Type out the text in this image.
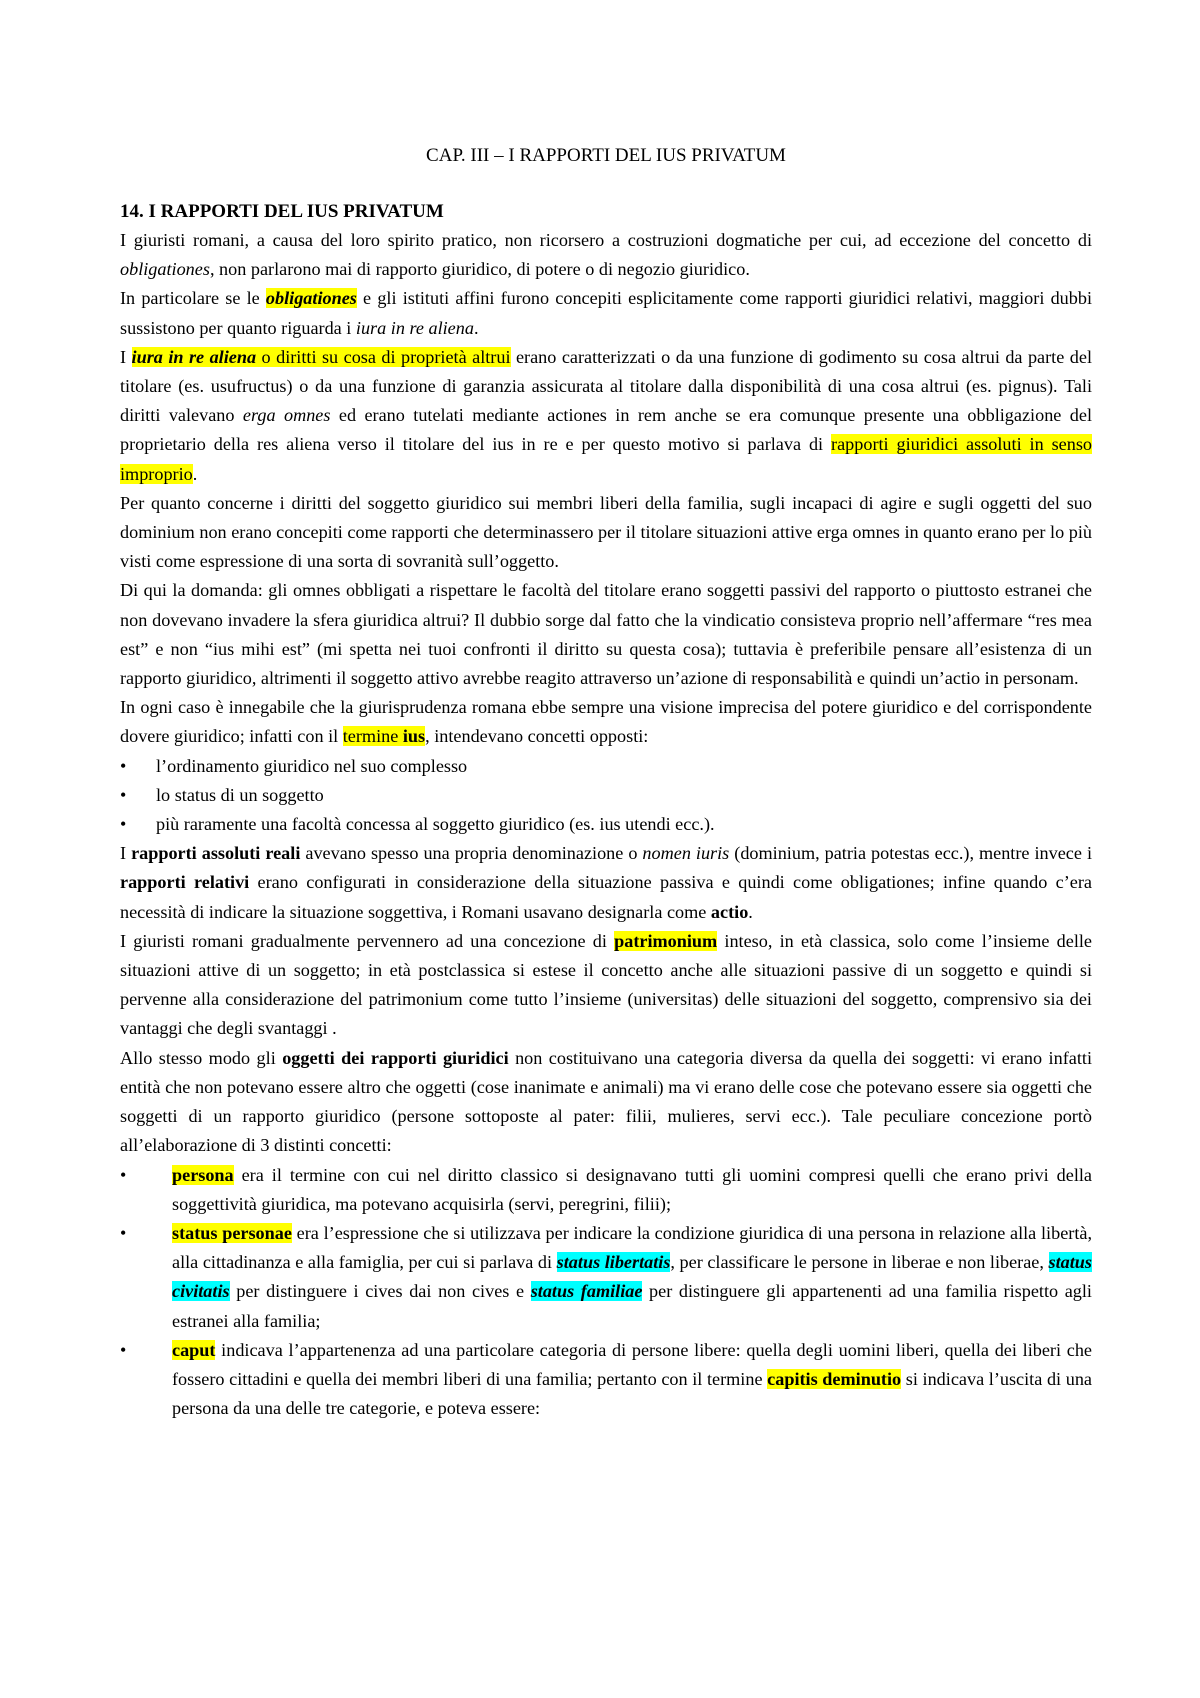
CAP. III – I RAPPORTI DEL IUS PRIVATUM
14. I RAPPORTI DEL IUS PRIVATUM

I giuristi romani, a causa del loro spirito pratico, non ricorsero a costruzioni dogmatiche per cui, ad eccezione del concetto di obligationes, non parlarono mai di rapporto giuridico, di potere o di negozio giuridico.

In particolare se le obligationes e gli istituti affini furono concepiti esplicitamente come rapporti giuridici relativi, maggiori dubbi sussistono per quanto riguarda i iura in re aliena.

I iura in re aliena o diritti su cosa di proprietà altrui erano caratterizzati o da una funzione di godimento su cosa altrui da parte del titolare (es. usufructus) o da una funzione di garanzia assicurata al titolare dalla disponibilità di una cosa altrui (es. pignus). Tali diritti valevano erga omnes ed erano tutelati mediante actiones in rem anche se era comunque presente una obbligazione del proprietario della res aliena verso il titolare del ius in re e per questo motivo si parlava di rapporti giuridici assoluti in senso improprio.

Per quanto concerne i diritti del soggetto giuridico sui membri liberi della familia, sugli incapaci di agire e sugli oggetti del suo dominium non erano concepiti come rapporti che determinassero per il titolare situazioni attive erga omnes in quanto erano per lo più visti come espressione di una sorta di sovranità sull’oggetto.

Di qui la domanda: gli omnes obbligati a rispettare le facoltà del titolare erano soggetti passivi del rapporto o piuttosto estranei che non dovevano invadere la sfera giuridica altrui? Il dubbio sorge dal fatto che la vindicatio consisteva proprio nell’affermare “res mea est” e non “ius mihi est” (mi spetta nei tuoi confronti il diritto su questa cosa); tuttavia è preferibile pensare all’esistenza di un rapporto giuridico, altrimenti il soggetto attivo avrebbe reagito attraverso un’azione di responsabilità e quindi un’actio in personam.

In ogni caso è innegabile che la giurisprudenza romana ebbe sempre una visione imprecisa del potere giuridico e del corrispondente dovere giuridico; infatti con il termine ius, intendevano concetti opposti:

• l’ordinamento giuridico nel suo complesso
• lo status di un soggetto
• più raramente una facoltà concessa al soggetto giuridico (es. ius utendi ecc.).

I rapporti assoluti reali avevano spesso una propria denominazione o nomen iuris (dominium, patria potestas ecc.), mentre invece i rapporti relativi erano configurati in considerazione della situazione passiva e quindi come obligationes; infine quando c’era necessità di indicare la situazione soggettiva, i Romani usavano designarla come actio.

I giuristi romani gradualmente pervennero ad una concezione di patrimonium inteso, in età classica, solo come l’insieme delle situazioni attive di un soggetto; in età postclassica si estese il concetto anche alle situazioni passive di un soggetto e quindi si pervenne alla considerazione del patrimonium come tutto l’insieme (universitas) delle situazioni del soggetto, comprensivo sia dei vantaggi che degli svantaggi .

Allo stesso modo gli oggetti dei rapporti giuridici non costituivano una categoria diversa da quella dei soggetti: vi erano infatti entità che non potevano essere altro che oggetti (cose inanimate e animali) ma vi erano delle cose che potevano essere sia oggetti che soggetti di un rapporto giuridico (persone sottoposte al pater: filii, mulieres, servi ecc.). Tale peculiare concezione portò all’elaborazione di 3 distinti concetti:

•	persona era il termine con cui nel diritto classico si designavano tutti gli uomini compresi quelli che erano privi della soggettività giuridica, ma potevano acquisirla (servi, peregrini, filii);
•	status personae era l’espressione che si utilizzava per indicare la condizione giuridica di una persona in relazione alla libertà, alla cittadinanza e alla famiglia, per cui si parlava di status libertatis, per classificare le persone in liberae e non liberae, status civitatis per distinguere i cives dai non cives e status familiae per distinguere gli appartenenti ad una familia rispetto agli estranei alla familia;
•	caput indicava l’appartenenza ad una particolare categoria di persone libere: quella degli uomini liberi, quella dei liberi che fossero cittadini e quella dei membri liberi di una familia; pertanto con il termine capitis deminutio si indicava l’uscita di una persona da una delle tre categorie, e poteva essere:
